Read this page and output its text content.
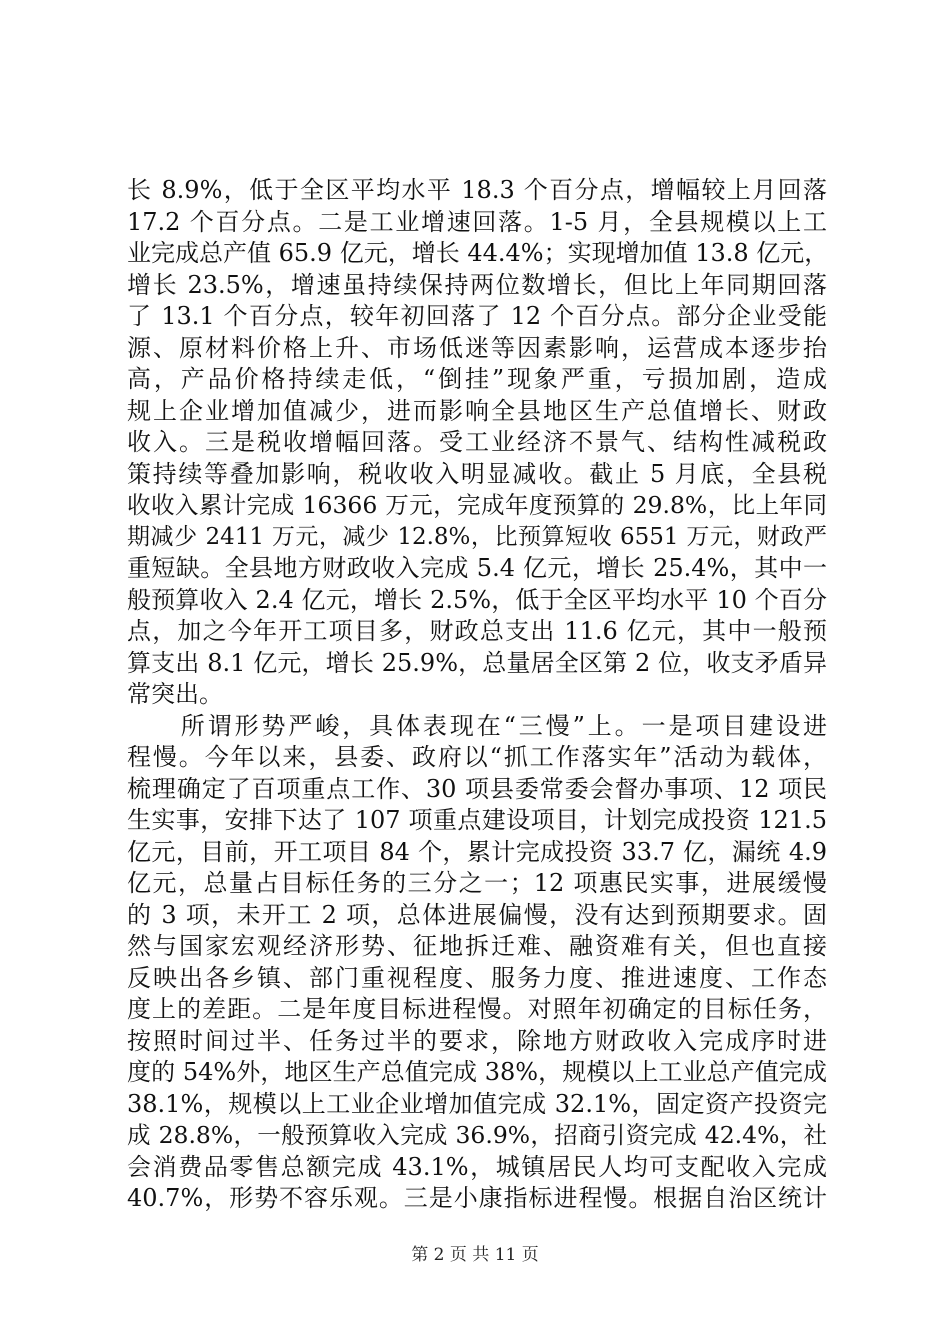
长 8.9%，低于全区平均水平 18.3 个百分点，增幅较上月回落
17.2 个百分点。二是工业增速回落。1-5 月，全县规模以上工
业完成总产值 65.9 亿元，增长 44.4%；实现增加值 13.8 亿元，
增长 23.5%，增速虽持续保持两位数增长，但比上年同期回落
了 13.1 个百分点，较年初回落了 12 个百分点。部分企业受能
源、原材料价格上升、市场低迷等因素影响，运营成本逐步抬
高，产品价格持续走低，“倒挂”现象严重，亏损加剧，造成
规上企业增加值减少，进而影响全县地区生产总值增长、财政
收入。三是税收增幅回落。受工业经济不景气、结构性减税政
策持续等叠加影响，税收收入明显减收。截止 5 月底，全县税
收收入累计完成 16366 万元，完成年度预算的 29.8%，比上年同
期减少 2411 万元，减少 12.8%，比预算短收 6551 万元，财政严
重短缺。全县地方财政收入完成 5.4 亿元，增长 25.4%，其中一
般预算收入 2.4 亿元，增长 2.5%，低于全区平均水平 10 个百分
点，加之今年开工项目多，财政总支出 11.6 亿元，其中一般预
算支出 8.1 亿元，增长 25.9%，总量居全区第 2 位，收支矛盾异
常突出。
　　所谓形势严峻，具体表现在“三慢”上。一是项目建设进
程慢。今年以来，县委、政府以“抓工作落实年”活动为载体，
梳理确定了百项重点工作、30 项县委常委会督办事项、12 项民
生实事，安排下达了 107 项重点建设项目，计划完成投资 121.5
亿元，目前，开工项目 84 个，累计完成投资 33.7 亿，漏统 4.9
亿元，总量占目标任务的三分之一；12 项惠民实事，进展缓慢
的 3 项，未开工 2 项，总体进展偏慢，没有达到预期要求。固
然与国家宏观经济形势、征地拆迁难、融资难有关，但也直接
反映出各乡镇、部门重视程度、服务力度、推进速度、工作态
度上的差距。二是年度目标进程慢。对照年初确定的目标任务，
按照时间过半、任务过半的要求，除地方财政收入完成序时进
度的 54%外，地区生产总值完成 38%，规模以上工业总产值完成
38.1%，规模以上工业企业增加值完成 32.1%，固定资产投资完
成 28.8%，一般预算收入完成 36.9%，招商引资完成 42.4%，社
会消费品零售总额完成 43.1%，城镇居民人均可支配收入完成
40.7%，形势不容乐观。三是小康指标进程慢。根据自治区统计
第 2 页 共 11 页
